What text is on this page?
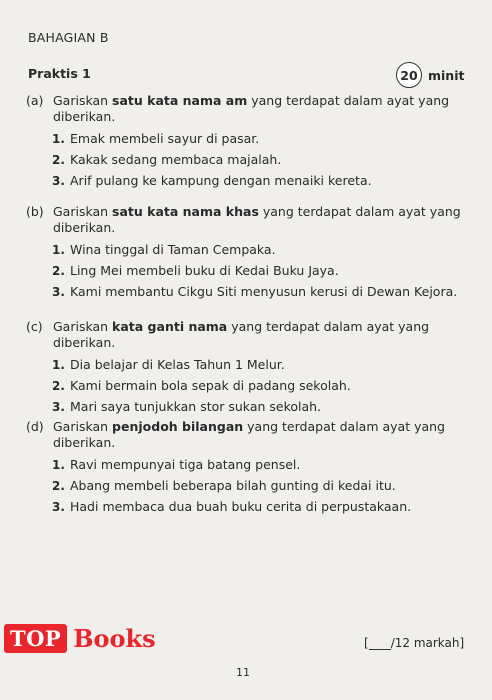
BAHAGIAN B
Praktis 1	20 minit
(a) Gariskan satu kata nama am yang terdapat dalam ayat yang diberikan.
1. Emak membeli sayur di pasar.
2. Kakak sedang membaca majalah.
3. Arif pulang ke kampung dengan menaiki kereta.
(b) Gariskan satu kata nama khas yang terdapat dalam ayat yang diberikan.
1. Wina tinggal di Taman Cempaka.
2. Ling Mei membeli buku di Kedai Buku Jaya.
3. Kami membantu Cikgu Siti menyusun kerusi di Dewan Kejora.
(c) Gariskan kata ganti nama yang terdapat dalam ayat yang diberikan.
1. Dia belajar di Kelas Tahun 1 Melur.
2. Kami bermain bola sepak di padang sekolah.
3. Mari saya tunjukkan stor sukan sekolah.
(d) Gariskan penjodoh bilangan yang terdapat dalam ayat yang diberikan.
1. Ravi mempunyai tiga batang pensel.
2. Abang membeli beberapa bilah gunting di kedai itu.
3. Hadi membaca dua buah buku cerita di perpustakaan.
TOP Books	[ /12 markah]
11
